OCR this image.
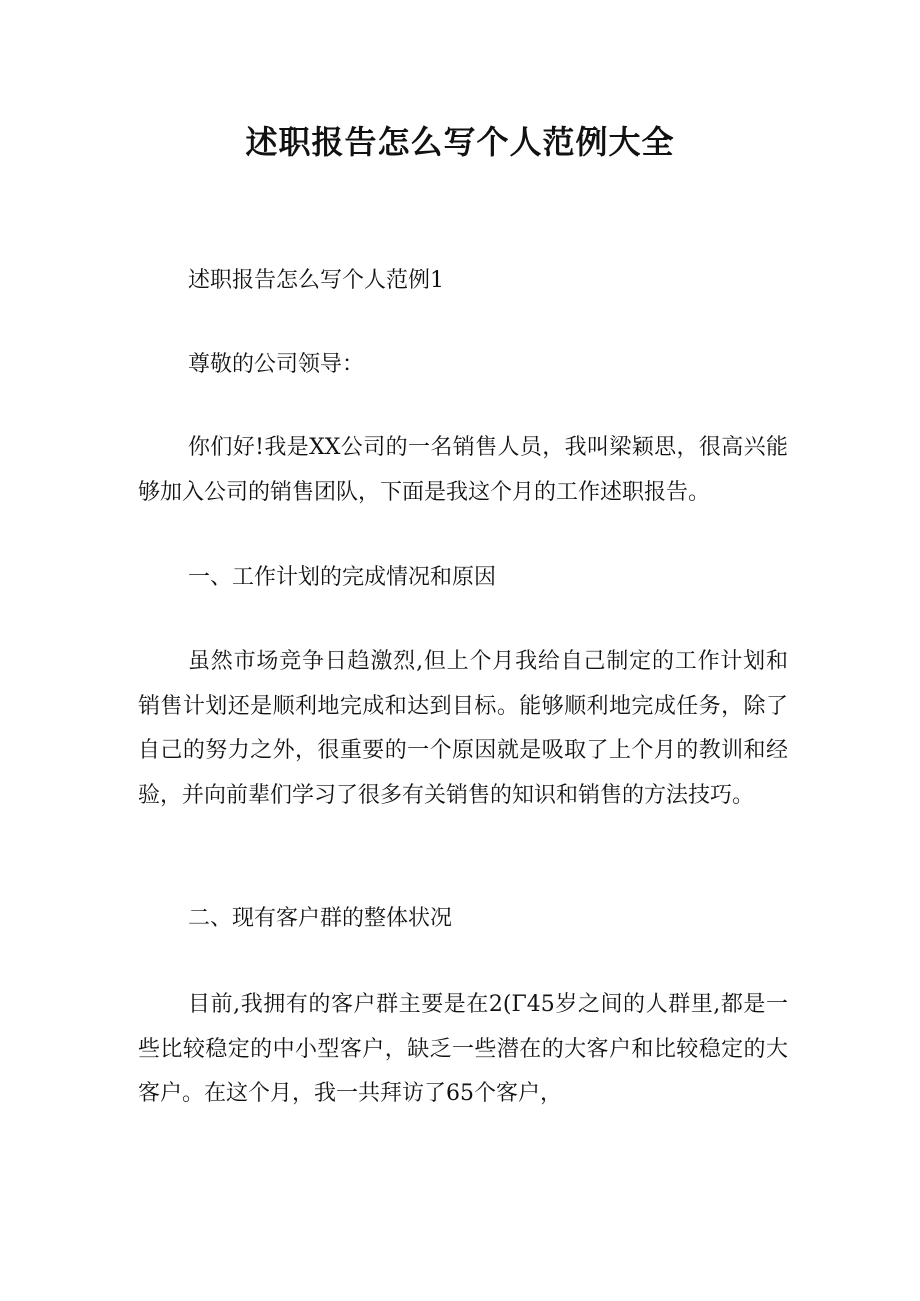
述职报告怎么写个人范例大全
述职报告怎么写个人范例1
尊敬的公司领导：
你们好!我是XX公司的一名销售人员，我叫梁颖思，很高兴能够加入公司的销售团队，下面是我这个月的工作述职报告。
一、工作计划的完成情况和原因
虽然市场竞争日趋激烈,但上个月我给自己制定的工作计划和销售计划还是顺利地完成和达到目标。能够顺利地完成任务，除了自己的努力之外，很重要的一个原因就是吸取了上个月的教训和经验，并向前辈们学习了很多有关销售的知识和销售的方法技巧。
二、现有客户群的整体状况
目前,我拥有的客户群主要是在2(Γ45岁之间的人群里,都是一些比较稳定的中小型客户，缺乏一些潜在的大客户和比较稳定的大客户。在这个月，我一共拜访了65个客户，
